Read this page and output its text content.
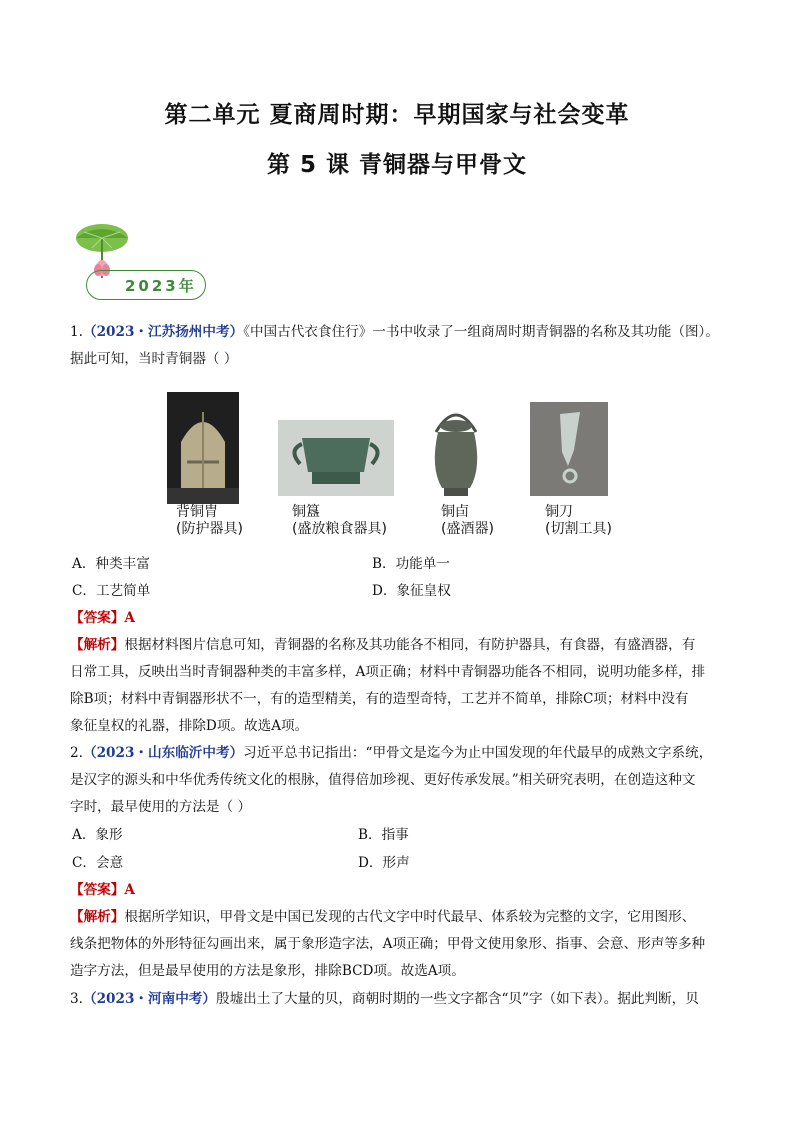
第二单元 夏商周时期：早期国家与社会变革
第 5 课 青铜器与甲骨文
2023年
1.（2023・江苏扬州中考）《中国古代衣食住行》一书中收录了一组商周时期青铜器的名称及其功能（图）。
据此可知，当时青铜器（ ）
背铜胄
(防护器具)
铜簋
(盛放粮食器具)
铜卣
(盛酒器)
铜刀
(切割工具)
A．种类丰富	B．功能单一
C．工艺简单	D．象征皇权
【答案】A
【解析】根据材料图片信息可知，青铜器的名称及其功能各不相同，有防护器具，有食器，有盛酒器，有
日常工具，反映出当时青铜器种类的丰富多样，A项正确；材料中青铜器功能各不相同，说明功能多样，排
除B项；材料中青铜器形状不一，有的造型精美，有的造型奇特，工艺并不简单，排除C项；材料中没有
象征皇权的礼器，排除D项。故选A项。
2.（2023・山东临沂中考）习近平总书记指出：“甲骨文是迄今为止中国发现的年代最早的成熟文字系统，
是汉字的源头和中华优秀传统文化的根脉，值得倍加珍视、更好传承发展。”相关研究表明，在创造这种文
字时，最早使用的方法是（ ）
A．象形	B．指事
C．会意	D．形声
【答案】A
【解析】根据所学知识，甲骨文是中国已发现的古代文字中时代最早、体系较为完整的文字，它用图形、
线条把物体的外形特征勾画出来，属于象形造字法，A项正确；甲骨文使用象形、指事、会意、形声等多种
造字方法，但是最早使用的方法是象形，排除BCD项。故选A项。
3.（2023・河南中考）殷墟出土了大量的贝，商朝时期的一些文字都含“贝”字（如下表）。据此判断，贝
